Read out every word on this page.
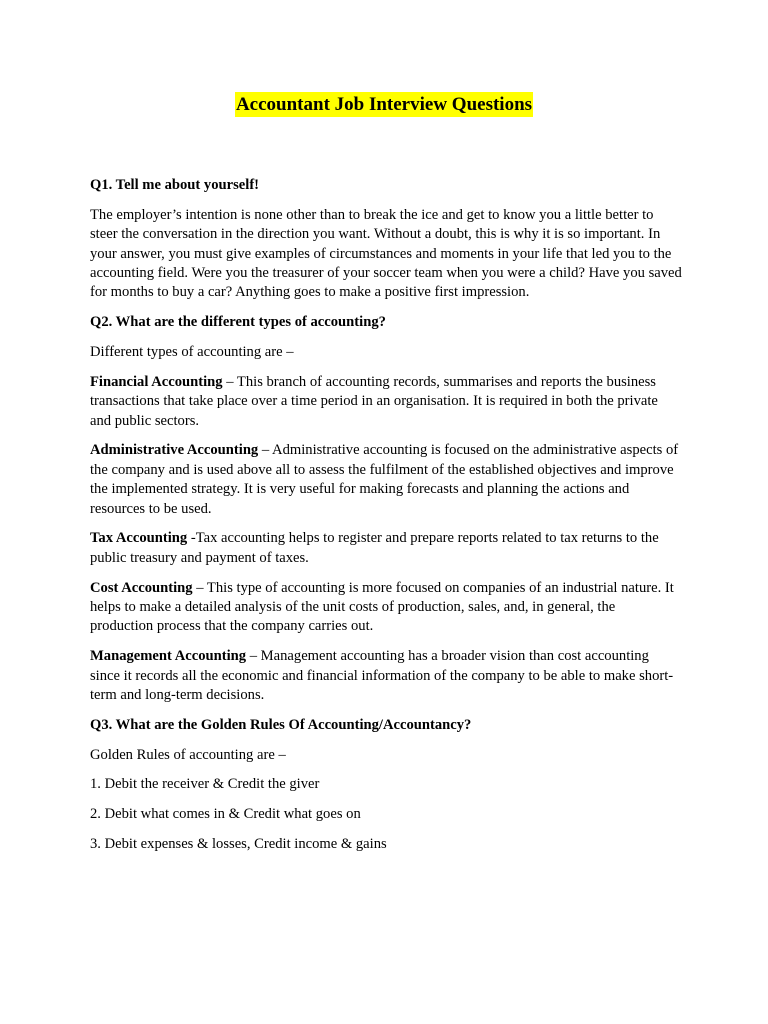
Accountant Job Interview Questions

Q1. Tell me about yourself!

The employer’s intention is none other than to break the ice and get to know you a little better to steer the conversation in the direction you want. Without a doubt, this is why it is so important. In your answer, you must give examples of circumstances and moments in your life that led you to the accounting field. Were you the treasurer of your soccer team when you were a child? Have you saved for months to buy a car? Anything goes to make a positive first impression.

Q2. What are the different types of accounting?

Different types of accounting are –

Financial Accounting – This branch of accounting records, summarises and reports the business transactions that take place over a time period in an organisation. It is required in both the private and public sectors.

Administrative Accounting – Administrative accounting is focused on the administrative aspects of the company and is used above all to assess the fulfilment of the established objectives and improve the implemented strategy. It is very useful for making forecasts and planning the actions and resources to be used.

Tax Accounting -Tax accounting helps to register and prepare reports related to tax returns to the public treasury and payment of taxes.

Cost Accounting – This type of accounting is more focused on companies of an industrial nature. It helps to make a detailed analysis of the unit costs of production, sales, and, in general, the production process that the company carries out.

Management Accounting – Management accounting has a broader vision than cost accounting since it records all the economic and financial information of the company to be able to make short-term and long-term decisions.

Q3. What are the Golden Rules Of Accounting/Accountancy?

Golden Rules of accounting are –

1. Debit the receiver & Credit the giver

2. Debit what comes in & Credit what goes on

3. Debit expenses & losses, Credit income & gains
